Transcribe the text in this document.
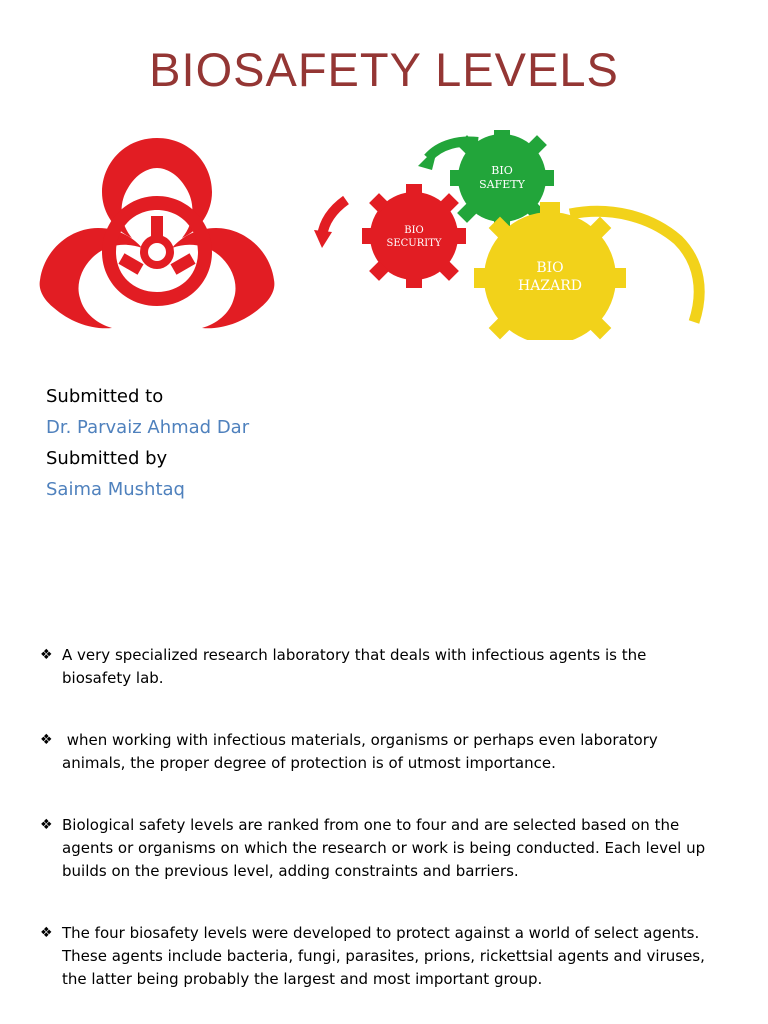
BIOSAFETY LEVELS
BIO
SAFETY
BIO
SECURITY
BIO
HAZARD
Submitted to
Dr. Parvaiz Ahmad Dar
Submitted by
Saima Mushtaq
❖ A very specialized research laboratory that deals with infectious agents is the
biosafety lab.
❖ when working with infectious materials, organisms or perhaps even laboratory
animals, the proper degree of protection is of utmost importance.
❖ Biological safety levels are ranked from one to four and are selected based on the
agents or organisms on which the research or work is being conducted. Each level up
builds on the previous level, adding constraints and barriers.
❖ The four biosafety levels were developed to protect against a world of select agents.
These agents include bacteria, fungi, parasites, prions, rickettsial agents and viruses,
the latter being probably the largest and most important group.
